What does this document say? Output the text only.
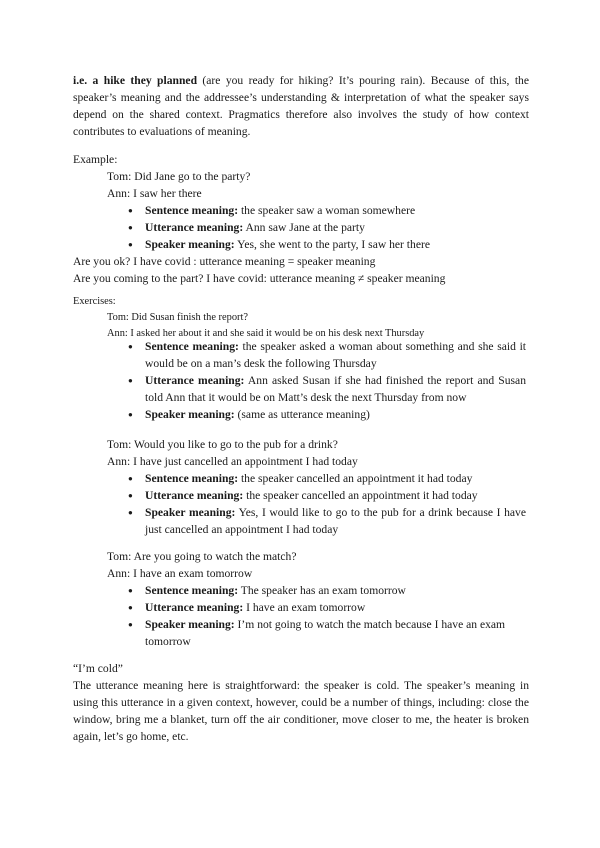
i.e. a hike they planned (are you ready for hiking? It’s pouring rain). Because of this, the speaker’s meaning and the addressee’s understanding & interpretation of what the speaker says depend on the shared context. Pragmatics therefore also involves the study of how context contributes to evaluations of meaning.
Example:
Tom: Did Jane go to the party?
Ann: I saw her there
● Sentence meaning: the speaker saw a woman somewhere
● Utterance meaning: Ann saw Jane at the party
● Speaker meaning: Yes, she went to the party, I saw her there
Are you ok? I have covid : utterance meaning = speaker meaning
Are you coming to the part? I have covid: utterance meaning ≠ speaker meaning
Exercises:
Tom: Did Susan finish the report?
Ann: I asked her about it and she said it would be on his desk next Thursday
● Sentence meaning: the speaker asked a woman about something and she said it would be on a man’s desk the following Thursday
● Utterance meaning: Ann asked Susan if she had finished the report and Susan told Ann that it would be on Matt’s desk the next Thursday from now
● Speaker meaning: (same as utterance meaning)
Tom: Would you like to go to the pub for a drink?
Ann: I have just cancelled an appointment I had today
● Sentence meaning: the speaker cancelled an appointment it had today
● Utterance meaning: the speaker cancelled an appointment it had today
● Speaker meaning: Yes, I would like to go to the pub for a drink because I have just cancelled an appointment I had today
Tom: Are you going to watch the match?
Ann: I have an exam tomorrow
● Sentence meaning: The speaker has an exam tomorrow
● Utterance meaning: I have an exam tomorrow
● Speaker meaning: I’m not going to watch the match because I have an exam tomorrow
“I’m cold”
The utterance meaning here is straightforward: the speaker is cold. The speaker’s meaning in using this utterance in a given context, however, could be a number of things, including: close the window, bring me a blanket, turn off the air conditioner, move closer to me, the heater is broken again, let’s go home, etc.
